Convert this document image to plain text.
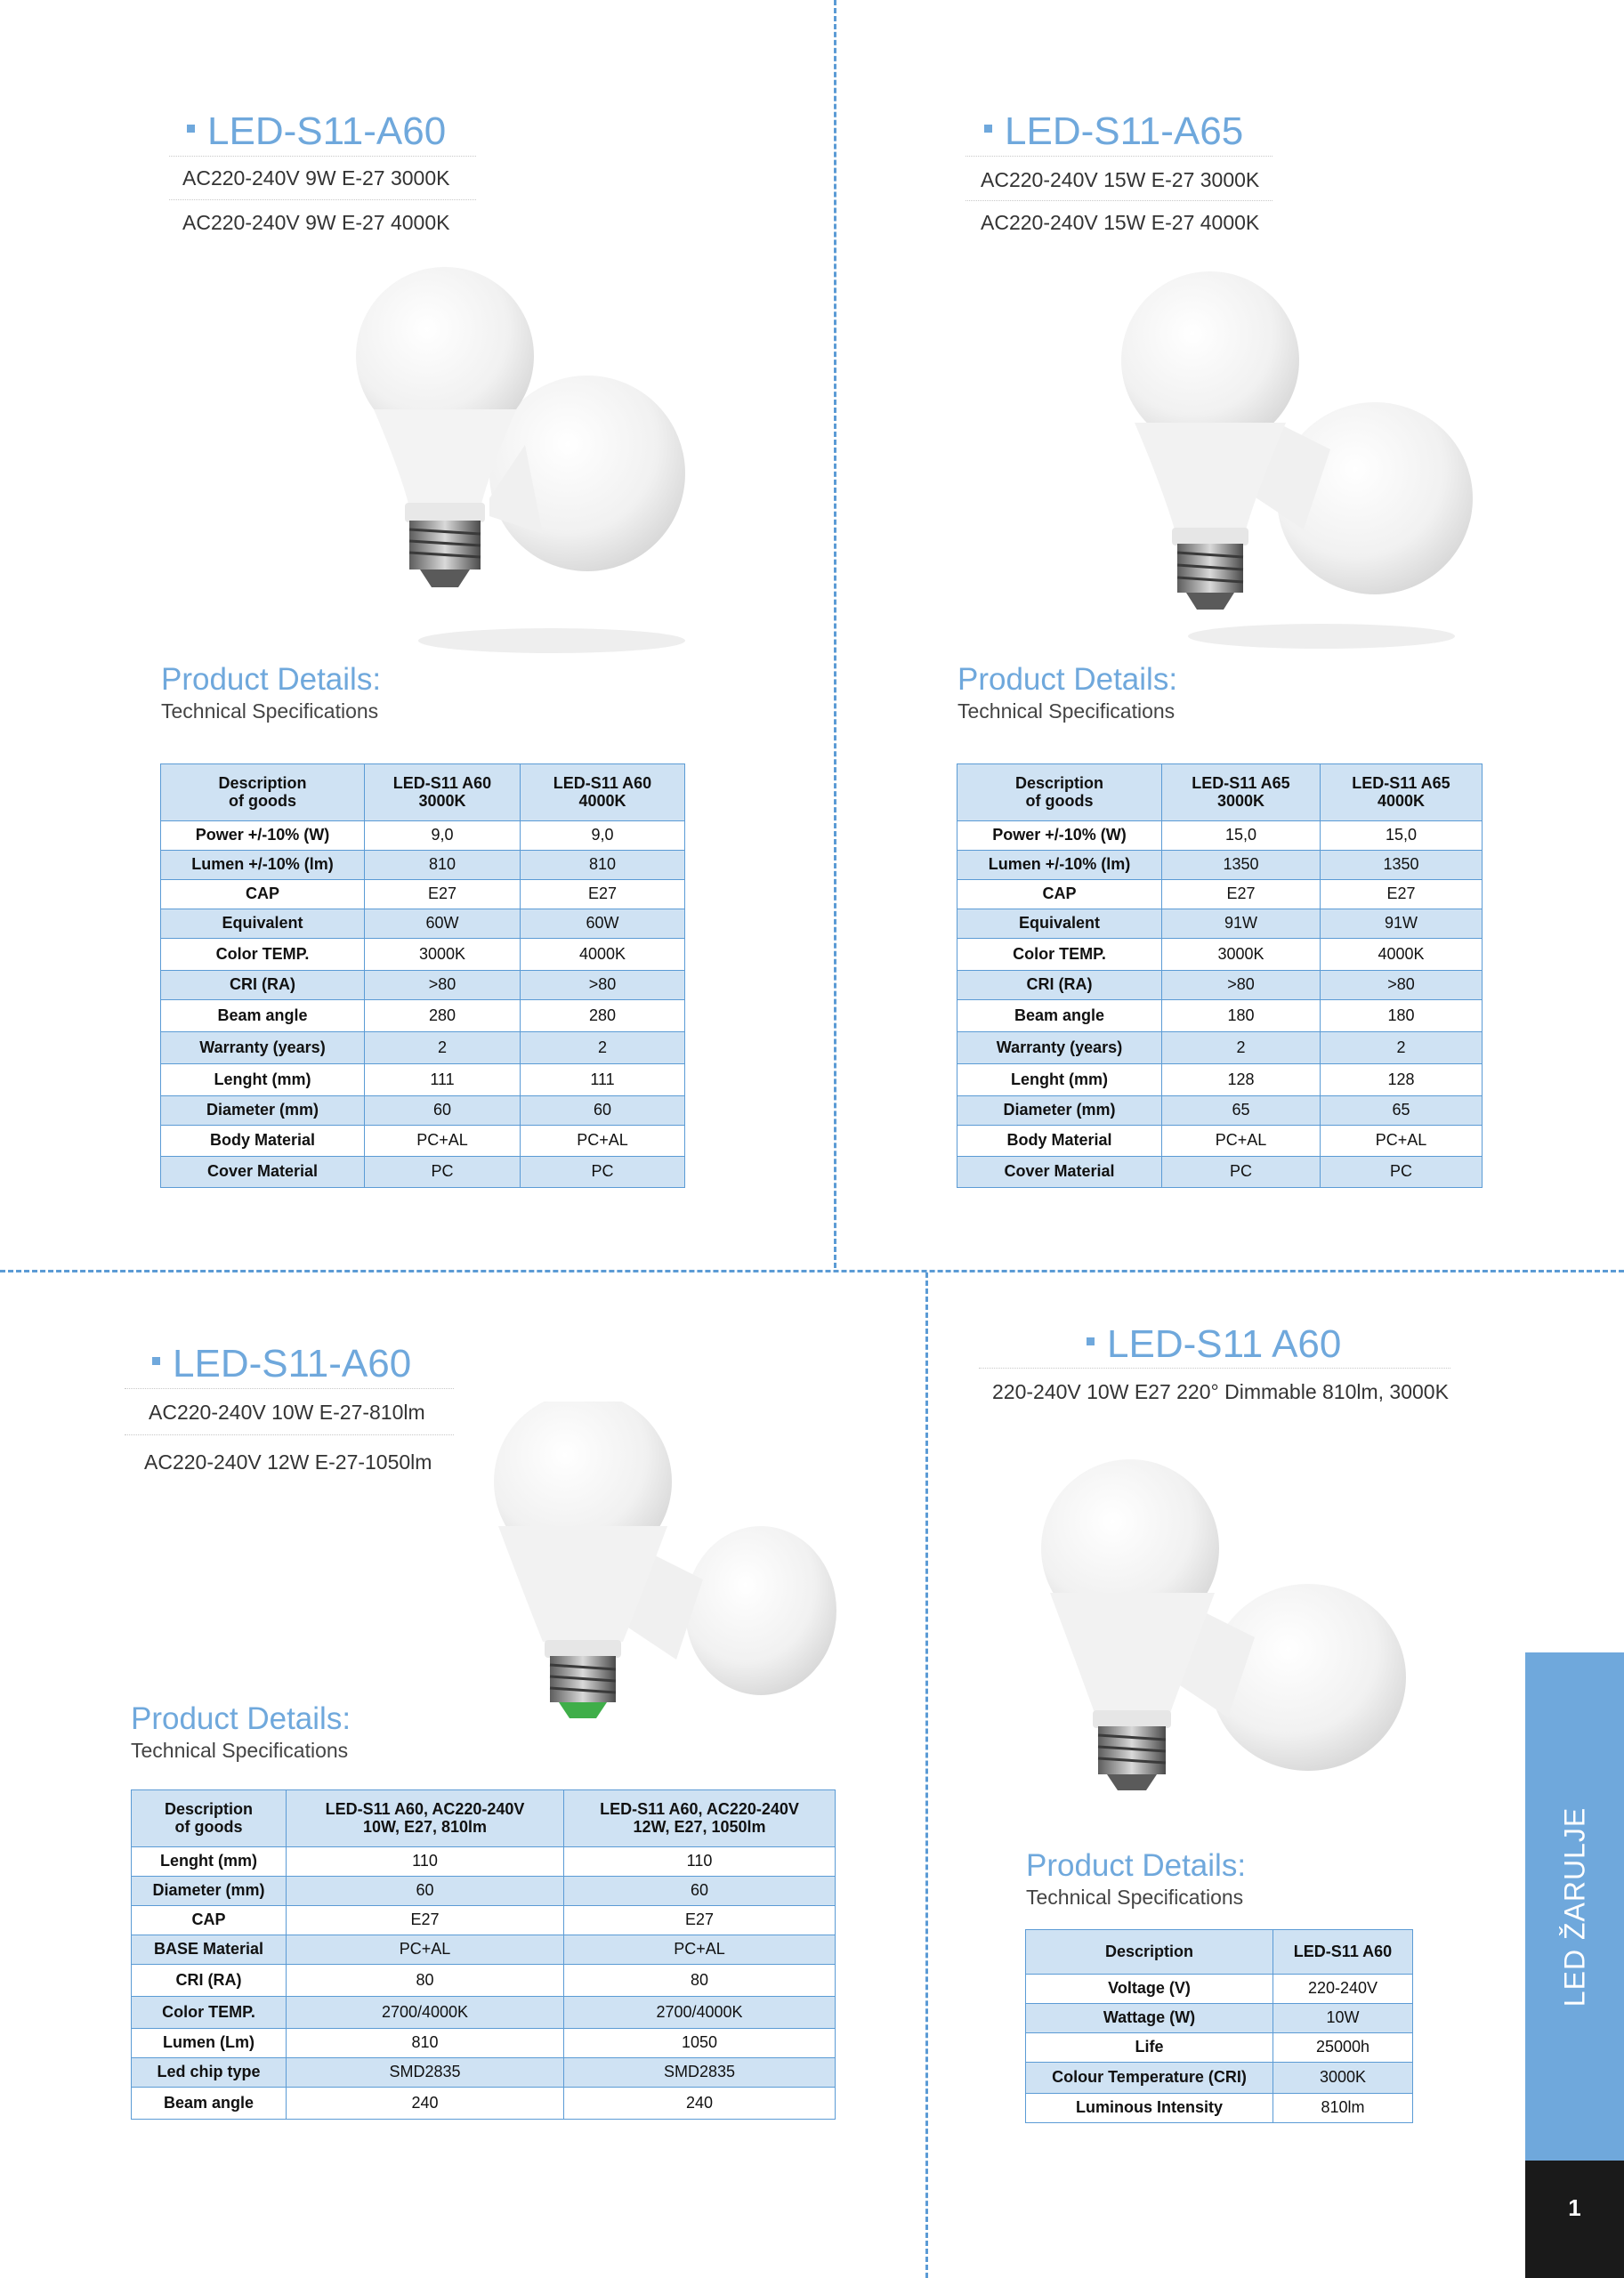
LED-S11-A60
AC220-240V 9W E-27 3000K
AC220-240V 9W E-27 4000K
Product Details:
Technical Specifications
Description
of goods	LED-S11 A60
3000K	LED-S11 A60
4000K
Power +/-10% (W)	9,0	9,0
Lumen +/-10% (lm)	810	810
CAP	E27	E27
Equivalent	60W	60W
Color TEMP.	3000K	4000K
CRI (RA)	>80	>80
Beam angle	280	280
Warranty (years)	2	2
Lenght (mm)	111	111
Diameter (mm)	60	60
Body Material	PC+AL	PC+AL
Cover Material	PC	PC
LED-S11-A65
AC220-240V 15W E-27 3000K
AC220-240V 15W E-27 4000K
Product Details:
Technical Specifications
Description
of goods	LED-S11 A65
3000K	LED-S11 A65
4000K
Power +/-10% (W)	15,0	15,0
Lumen +/-10% (lm)	1350	1350
CAP	E27	E27
Equivalent	91W	91W
Color TEMP.	3000K	4000K
CRI (RA)	>80	>80
Beam angle	180	180
Warranty (years)	2	2
Lenght (mm)	128	128
Diameter (mm)	65	65
Body Material	PC+AL	PC+AL
Cover Material	PC	PC
LED-S11-A60
AC220-240V 10W E-27-810lm
AC220-240V 12W E-27-1050lm
Product Details:
Technical Specifications
Description
of goods	LED-S11 A60, AC220-240V
10W, E27, 810lm	LED-S11 A60, AC220-240V
12W, E27, 1050lm
Lenght (mm)	110	110
Diameter (mm)	60	60
CAP	E27	E27
BASE Material	PC+AL	PC+AL
CRI (RA)	80	80
Color TEMP.	2700/4000K	2700/4000K
Lumen (Lm)	810	1050
Led chip type	SMD2835	SMD2835
Beam angle	240	240
LED-S11 A60
220-240V 10W E27 220° Dimmable 810lm, 3000K
Product Details:
Technical Specifications
Description	LED-S11 A60
Voltage (V)	220-240V
Wattage (W)	10W
Life	25000h
Colour Temperature (CRI)	3000K
Luminous Intensity	810lm
LED ŽARULJE
1
